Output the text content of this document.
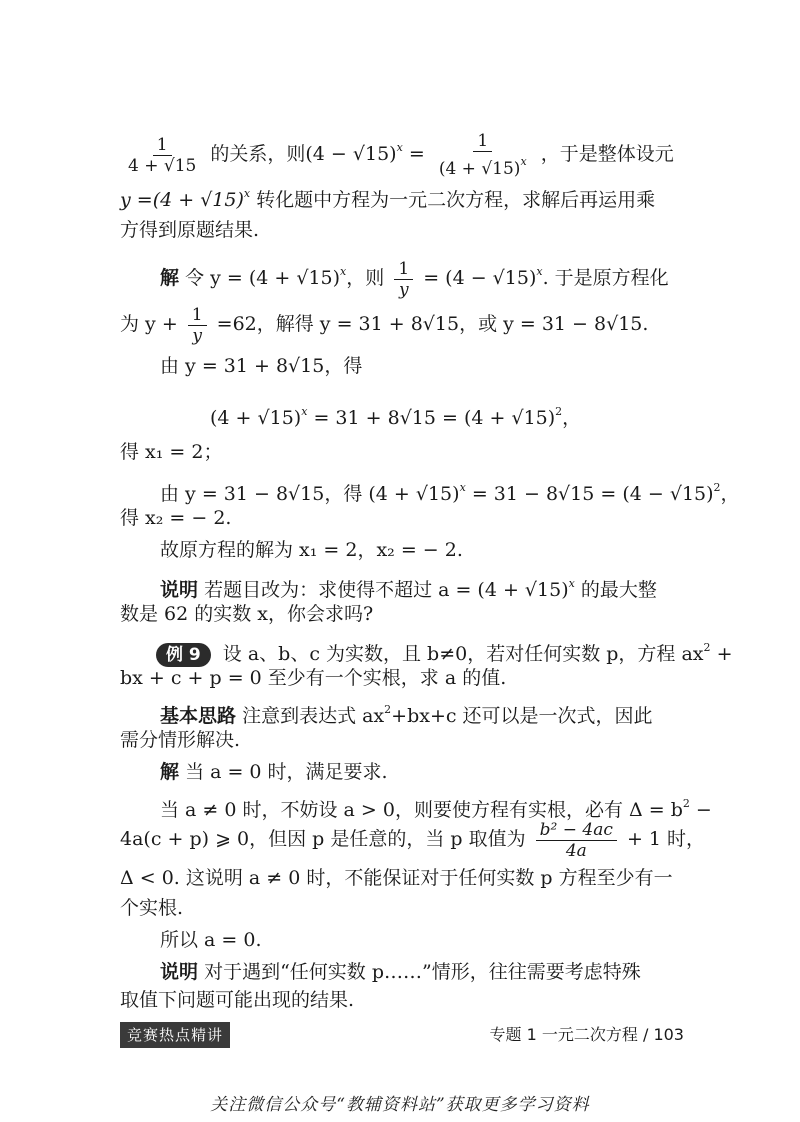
$\frac{1}{4 + √15}$ 的关系，则$(4 - √15)^x = \frac{1}{(4 + √15)^x}$ ，于是整体设元
$y =(4 + √15)^x$ 转化题中方程为一元二次方程，求解后再运用乘
方得到原题结果.
解 令 $y = (4 + √15)^x$，则 $\frac{1}{y} = (4 - √15)^x$. 于是原方程化
为 $y + \frac{1}{y} =62$，解得 y = 31 + 8√15，或 y = 31 − 8√15.
由 y = 31 + 8√15，得
$(4 + √15)^x = 31 + 8√15 = (4 + √15)^2$，
得 x₁ = 2；
由 y = 31 − 8√15，得 $(4 + √15)^x = 31 - 8√15 = (4 - √15)^2$，
得 x₂ = − 2.
故原方程的解为 x₁ = 2，x₂ = − 2.
说明 若题目改为：求使得不超过 $a = (4 + √15)^x$ 的最大整
数是 62 的实数 x，你会求吗?
例 9 设 a、b、c 为实数，且 b≠0，若对任何实数 p，方程 $ax^2$ +
bx + c + p = 0 至少有一个实根，求 a 的值.
基本思路 注意到表达式 $ax^2+bx+c$ 还可以是一次式，因此
需分情形解决.
解 当 a = 0 时，满足要求.
当 a ≠ 0 时，不妨设 a > 0，则要使方程有实根，必有 $\Delta = b^2$ −
4a(c + p) ⩾ 0，但因 p 是任意的，当 p 取值为 $\frac{\text{b² − 4ac}}{4a} + 1$ 时，
Δ < 0. 这说明 a ≠ 0 时，不能保证对于任何实数 p 方程至少有一
个实根.
所以 a = 0.
说明 对于遇到“任何实数 p……”情形，往往需要考虑特殊
取值下问题可能出现的结果.
竞赛热点精讲	专题 1 一元二次方程 / 103
关注微信公众号“教辅资料站”获取更多学习资料
